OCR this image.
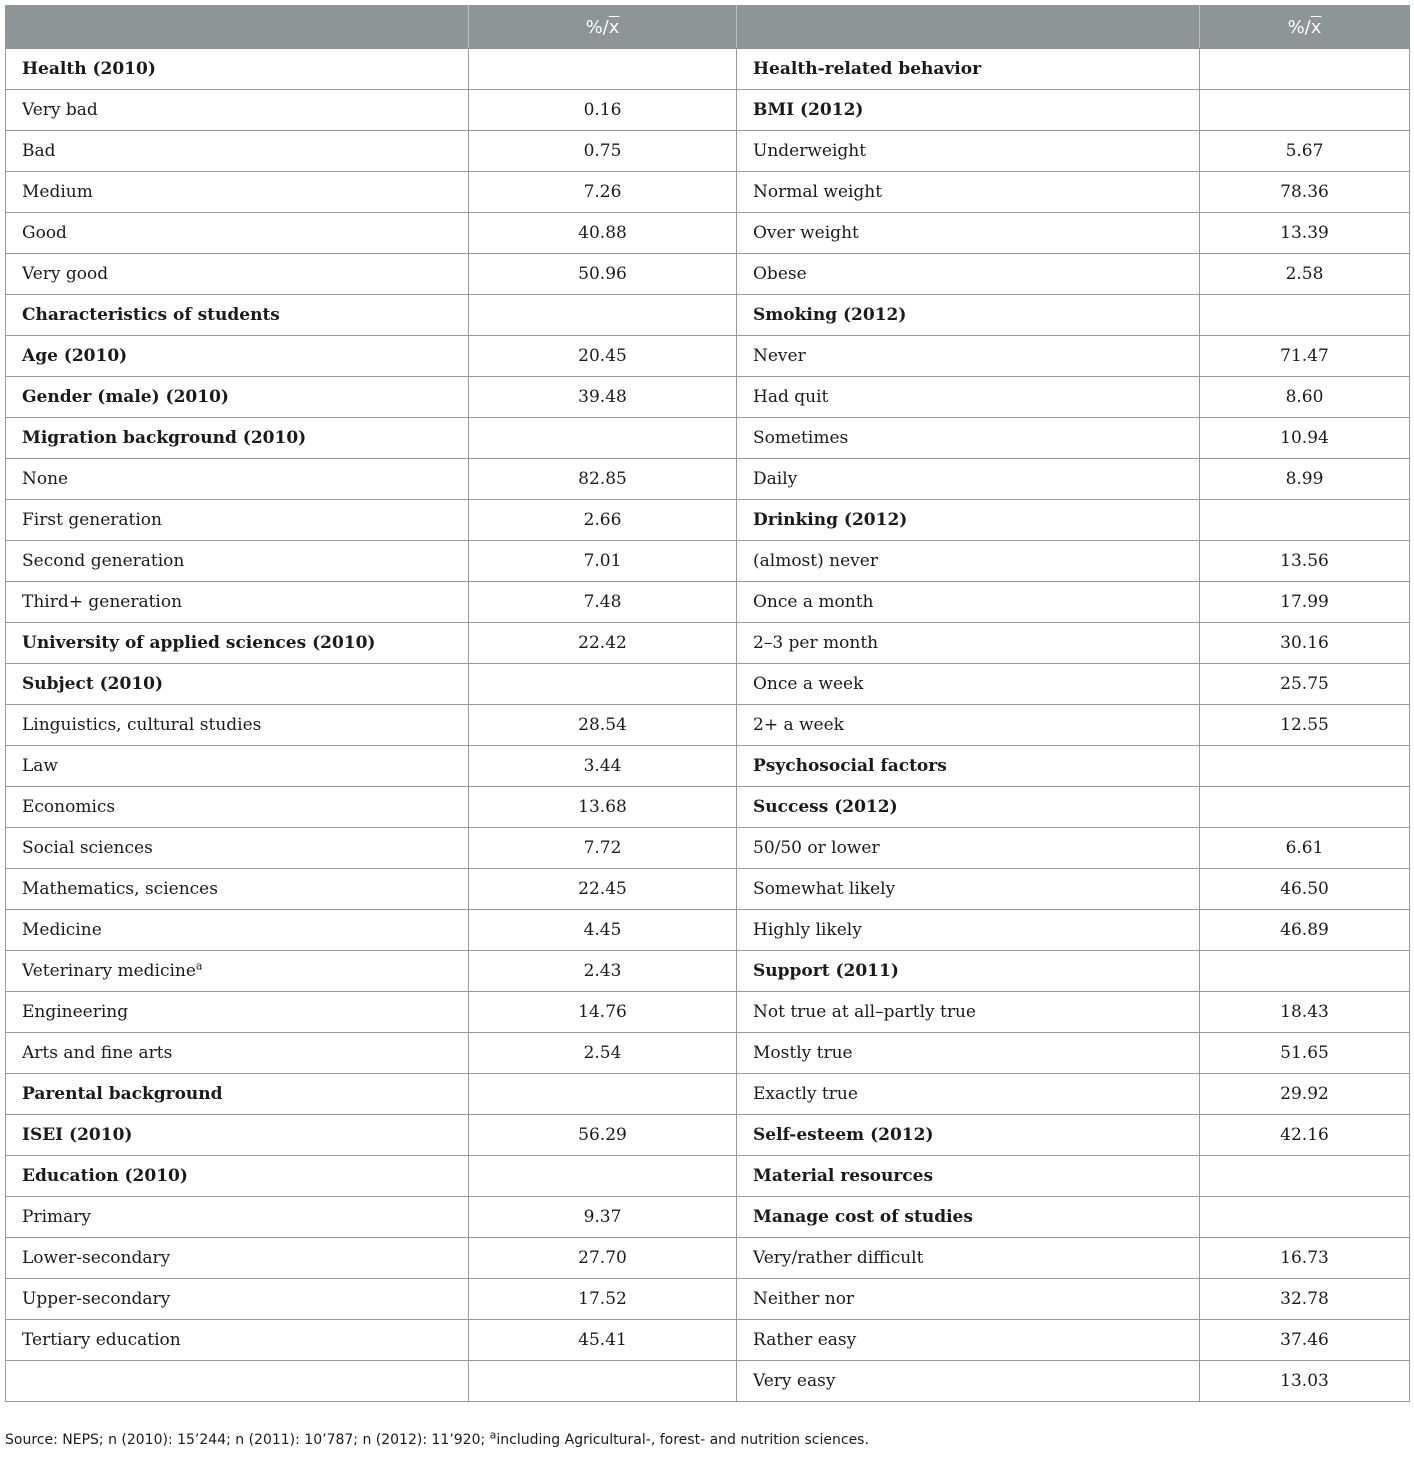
	$\%/\overline{x}$		$\%/\overline{x}$
Health (2010)		Health-related behavior	
Very bad	0.16	BMI (2012)	
Bad	0.75	Underweight	5.67
Medium	7.26	Normal weight	78.36
Good	40.88	Over weight	13.39
Very good	50.96	Obese	2.58
Characteristics of students		Smoking (2012)	
Age (2010)	20.45	Never	71.47
Gender (male) (2010)	39.48	Had quit	8.60
Migration background (2010)		Sometimes	10.94
None	82.85	Daily	8.99
First generation	2.66	Drinking (2012)	
Second generation	7.01	(almost) never	13.56
Third+ generation	7.48	Once a month	17.99
University of applied sciences (2010)	22.42	2–3 per month	30.16
Subject (2010)		Once a week	25.75
Linguistics, cultural studies	28.54	2+ a week	12.55
Law	3.44	Psychosocial factors	
Economics	13.68	Success (2012)	
Social sciences	7.72	50/50 or lower	6.61
Mathematics, sciences	22.45	Somewhat likely	46.50
Medicine	4.45	Highly likely	46.89
Veterinary medicine$^a$	2.43	Support (2011)	
Engineering	14.76	Not true at all–partly true	18.43
Arts and fine arts	2.54	Mostly true	51.65
Parental background		Exactly true	29.92
ISEI (2010)	56.29	Self-esteem (2012)	42.16
Education (2010)		Material resources	
Primary	9.37	Manage cost of studies	
Lower-secondary	27.70	Very/rather difficult	16.73
Upper-secondary	17.52	Neither nor	32.78
Tertiary education	45.41	Rather easy	37.46
		Very easy	13.03
Source: NEPS; n (2010): 15’244; n (2011): 10’787; n (2012): 11’920; $^a$including Agricultural-, forest- and nutrition sciences.
